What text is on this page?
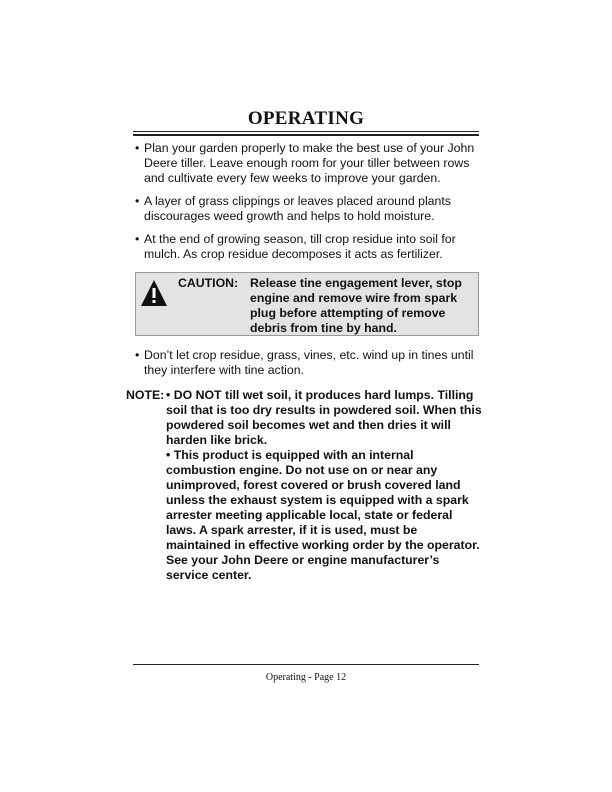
OPERATING

• Plan your garden properly to make the best use of your John Deere tiller. Leave enough room for your tiller between rows and cultivate every few weeks to improve your garden.

• A layer of grass clippings or leaves placed around plants discourages weed growth and helps to hold moisture.

• At the end of growing season, till crop residue into soil for mulch. As crop residue decomposes it acts as fertilizer.

CAUTION: Release tine engagement lever, stop engine and remove wire from spark plug before attempting of remove debris from tine by hand.

• Don’t let crop residue, grass, vines, etc. wind up in tines until they interfere with tine action.

NOTE: • DO NOT till wet soil, it produces hard lumps. Tilling soil that is too dry results in powdered soil. When this powdered soil becomes wet and then dries it will harden like brick.

• This product is equipped with an internal combustion engine. Do not use on or near any unimproved, forest covered or brush covered land unless the exhaust system is equipped with a spark arrester meeting applicable local, state or federal laws. A spark arrester, if it is used, must be maintained in effective working order by the operator. See your John Deere or engine manufacturer’s service center.

Operating - Page 12
